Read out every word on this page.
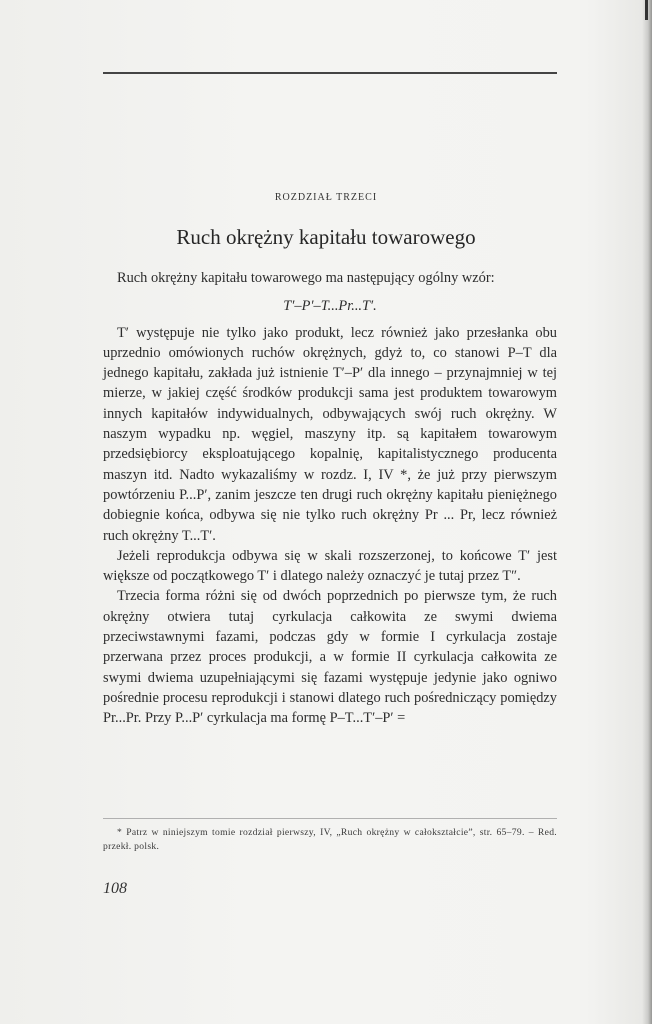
ROZDZIAŁ TRZECI
Ruch okrężny kapitału towarowego

Ruch okrężny kapitału towarowego ma następujący ogólny wzór:

T′–P′–T...Pr...T′.

T′ występuje nie tylko jako produkt, lecz również jako przesłanka obu uprzednio omówionych ruchów okrężnych, gdyż to, co stanowi P–T dla jednego kapitału, zakłada już istnienie T′–P′ dla innego – przynajmniej w tej mierze, w jakiej część środków produkcji sama jest produktem towarowym innych kapitałów indywidualnych, odbywających swój ruch okrężny. W naszym wypadku np. węgiel, maszyny itp. są kapitałem towarowym przedsiębiorcy eksploatującego kopalnię, kapitalistycznego producenta maszyn itd. Nadto wykazaliśmy w rozdz. I, IV *, że już przy pierwszym powtórzeniu P...P′, zanim jeszcze ten drugi ruch okrężny kapitału pieniężnego dobiegnie końca, odbywa się nie tylko ruch okrężny Pr ... Pr, lecz również ruch okrężny T...T′.

Jeżeli reprodukcja odbywa się w skali rozszerzonej, to końcowe T′ jest większe od początkowego T′ i dlatego należy oznaczyć je tutaj przez T″.

Trzecia forma różni się od dwóch poprzednich po pierwsze tym, że ruch okrężny otwiera tutaj cyrkulacja całkowita ze swymi dwiema przeciwstawnymi fazami, podczas gdy w formie I cyrkulacja zostaje przerwana przez proces produkcji, a w formie II cyrkulacja całkowita ze swymi dwiema uzupełniającymi się fazami występuje jedynie jako ogniwo pośrednie procesu reprodukcji i stanowi dlatego ruch pośredniczący pomiędzy Pr...Pr. Przy P...P′ cyrkulacja ma formę P–T...T′–P′ =

* Patrz w niniejszym tomie rozdział pierwszy, IV, „Ruch okrężny w całokształcie”, str. 65–79. – Red. przekł. polsk.
108
